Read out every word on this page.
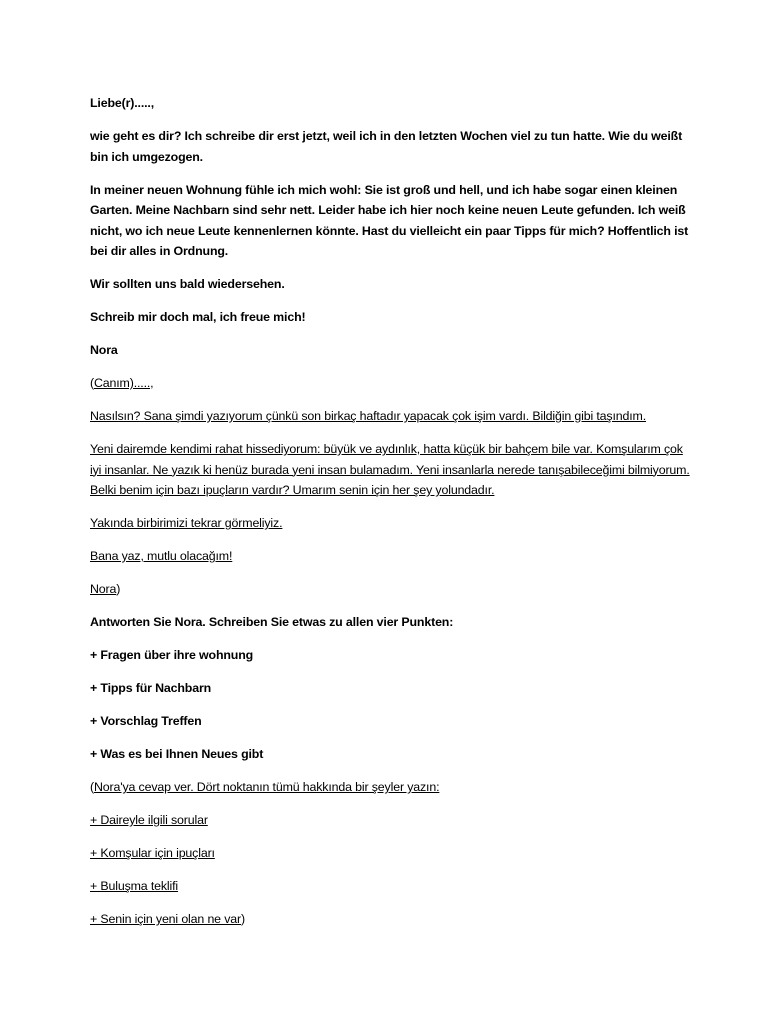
Liebe(r).....,

wie geht es dir? Ich schreibe dir erst jetzt, weil ich in den letzten Wochen viel zu tun hatte. Wie du weißt bin ich umgezogen.

In meiner neuen Wohnung fühle ich mich wohl: Sie ist groß und hell, und ich habe sogar einen kleinen Garten. Meine Nachbarn sind sehr nett. Leider habe ich hier noch keine neuen Leute gefunden. Ich weiß nicht, wo ich neue Leute kennenlernen könnte. Hast du vielleicht ein paar Tipps für mich? Hoffentlich ist bei dir alles in Ordnung.

Wir sollten uns bald wiedersehen.

Schreib mir doch mal, ich freue mich!

Nora

(Canım).....,

Nasılsın? Sana şimdi yazıyorum çünkü son birkaç haftadır yapacak çok işim vardı. Bildiğin gibi taşındım.

Yeni dairemde kendimi rahat hissediyorum: büyük ve aydınlık, hatta küçük bir bahçem bile var. Komşularım çok iyi insanlar. Ne yazık ki henüz burada yeni insan bulamadım. Yeni insanlarla nerede tanışabileceğimi bilmiyorum. Belki benim için bazı ipuçların vardır? Umarım senin için her şey yolundadır.

Yakında birbirimizi tekrar görmeliyiz.

Bana yaz, mutlu olacağım!

Nora)

Antworten Sie Nora. Schreiben Sie etwas zu allen vier Punkten:

+ Fragen über ihre wohnung

+ Tipps für Nachbarn

+ Vorschlag Treffen

+ Was es bei Ihnen Neues gibt

(Nora'ya cevap ver. Dört noktanın tümü hakkında bir şeyler yazın:

+ Daireyle ilgili sorular

+ Komşular için ipuçları

+ Buluşma teklifi

+ Senin için yeni olan ne var)
